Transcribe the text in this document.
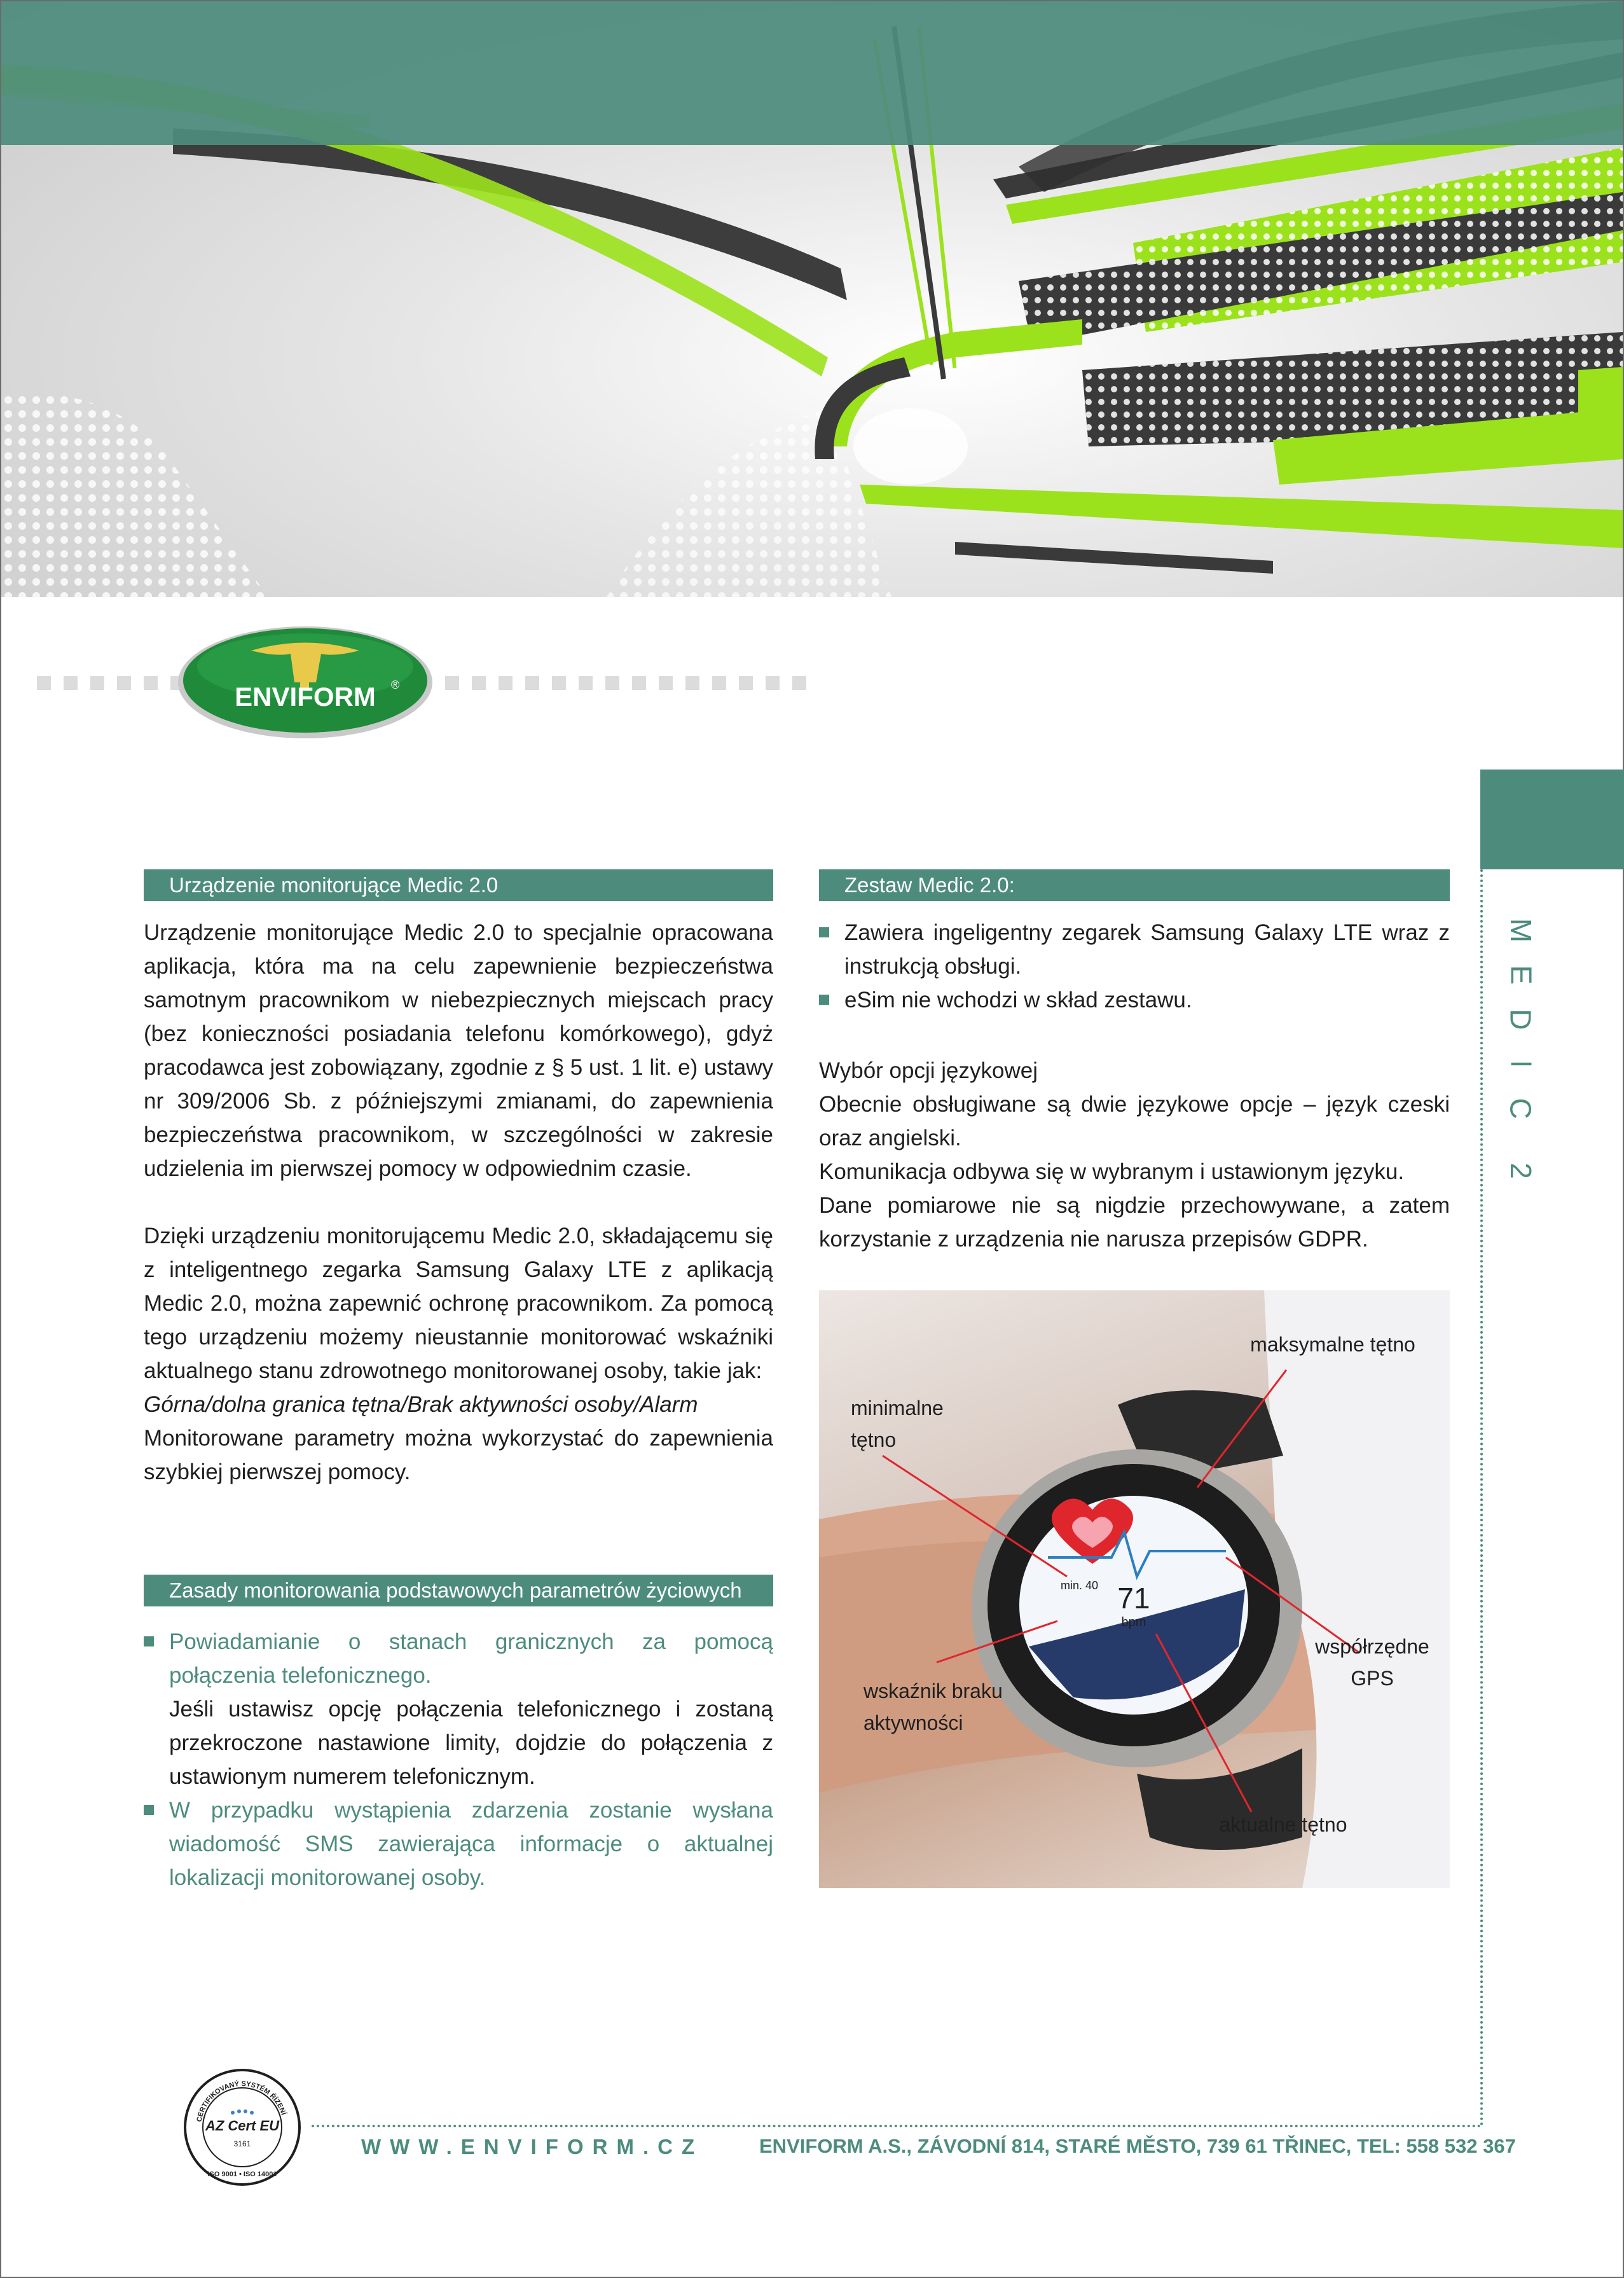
ENVIFORM ®
M
E
D
I
C
2
Urządzenie monitorujące Medic 2.0

Urządzenie monitorujące Medic 2.0 to specjalnie opracowana aplikacja, która ma na celu zapewnienie bezpieczeństwa samotnym pracownikom w niebezpiecznych miejscach pracy (bez konieczności posiadania telefonu komórkowego), gdyż pracodawca jest zobowiązany, zgodnie z § 5 ust. 1 lit. e) ustawy nr 309/2006 Sb. z późniejszymi zmianami, do zapewnienia bezpieczeństwa pracownikom, w szczególności w zakresie udzielenia im pierwszej pomocy w odpowiednim czasie.

Dzięki urządzeniu monitorującemu Medic 2.0, składającemu się z inteligentnego zegarka Samsung Galaxy LTE z aplikacją Medic 2.0, można zapewnić ochronę pracownikom. Za pomocą tego urządzeniu możemy nieustannie monitorować wskaźniki aktualnego stanu zdrowotnego monitorowanej osoby, takie jak:

Górna/dolna granica tętna/Brak aktywności osoby/Alarm

Monitorowane parametry można wykorzystać do zapewnienia szybkiej pierwszej pomocy.

Zasady monitorowania podstawowych parametrów życiowych
Powiadamianie o stanach granicznych za pomocą połączenia telefonicznego.
Jeśli ustawisz opcję połączenia telefonicznego i zostaną przekroczone nastawione limity, dojdzie do połączenia z ustawionym numerem telefonicznym.
W przypadku wystąpienia zdarzenia zostanie wysłana wiadomość SMS zawierająca informacje o aktualnej lokalizacji monitorowanej osoby.
Zestaw Medic 2.0:
Zawiera ingeligentny zegarek Samsung Galaxy LTE wraz z instrukcją obsługi.
eSim nie wchodzi w skład zestawu.

Wybór opcji językowej

Obecnie obsługiwane są dwie językowe opcje – język czeski oraz angielski.

Komunikacja odbywa się w wybranym i ustawionym języku.

Dane pomiarowe nie są nigdzie przechowywane, a zatem korzystanie z urządzenia nie narusza przepisów GDPR.

71
bpm
min. 40
max. 150
maksymalne tętno
minimalne tętno
współrzędne GPS
wskaźnik braku aktywności
aktualne tętno
CERTIFIKOVANÝ SYSTÉM ŘÍZENÍ
AZ Cert EU
3161
ISO 9001 • ISO 14001
WWW.ENVIFORM.CZ	ENVIFORM A.S., ZÁVODNÍ 814, STARÉ MĚSTO, 739 61 TŘINEC, TEL: 558 532 367
